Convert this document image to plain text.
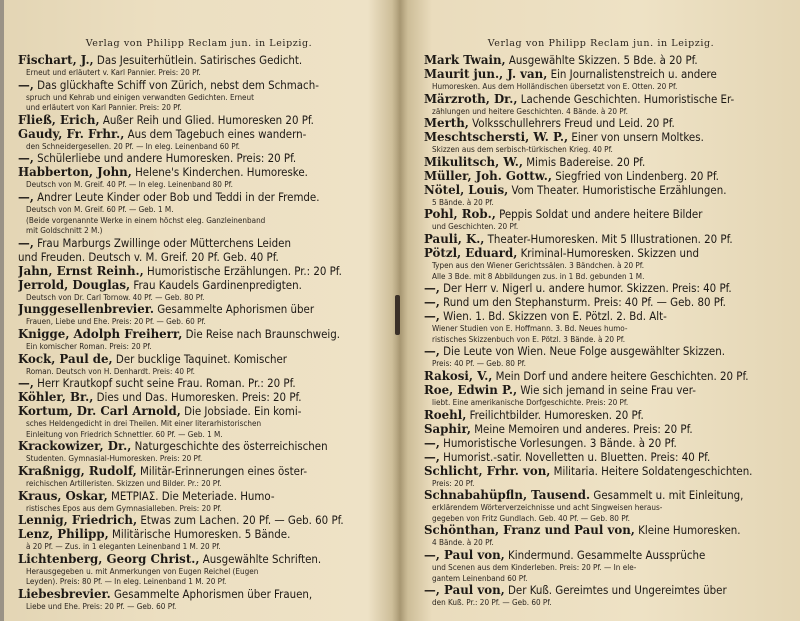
Verlag von Philipp Reclam jun. in Leipzig.
Fischart, J., Das Jesuiterhütlein. Satirisches Gedicht.
Erneut und erläutert v. Karl Pannier. Preis: 20 Pf.
—, Das glückhafte Schiff von Zürich, nebst dem Schmach-
spruch und Kehrab und einigen verwandten Gedichten. Erneut
und erläutert von Karl Pannier. Preis: 20 Pf.
Fließ, Erich, Außer Reih und Glied. Humoresken 20 Pf.
Gaudy, Fr. Frhr., Aus dem Tagebuch eines wandern-
den Schneidergesellen. 20 Pf. — In eleg. Leinenband 60 Pf.
—, Schülerliebe und andere Humoresken. Preis: 20 Pf.
Habberton, John, Helene's Kinderchen. Humoreske.
Deutsch von M. Greif. 40 Pf. — In eleg. Leinenband 80 Pf.
—, Andrer Leute Kinder oder Bob und Teddi in der Fremde.
Deutsch von M. Greif. 60 Pf. — Geb. 1 M.
(Beide vorgenannte Werke in einem höchst eleg. Ganzleinenband
mit Goldschnitt 2 M.)
—, Frau Marburgs Zwillinge oder Mütterchens Leiden
und Freuden. Deutsch v. M. Greif. 20 Pf. Geb. 40 Pf.
Jahn, Ernst Reinh., Humoristische Erzählungen. Pr.: 20 Pf.
Jerrold, Douglas, Frau Kaudels Gardinenpredigten.
Deutsch von Dr. Carl Tornow. 40 Pf. — Geb. 80 Pf.
Junggesellenbrevier. Gesammelte Aphorismen über
Frauen, Liebe und Ehe. Preis: 20 Pf. — Geb. 60 Pf.
Knigge, Adolph Freiherr, Die Reise nach Braunschweig.
Ein komischer Roman. Preis: 20 Pf.
Kock, Paul de, Der bucklige Taquinet. Komischer
Roman. Deutsch von H. Denhardt. Preis: 40 Pf.
—, Herr Krautkopf sucht seine Frau. Roman. Pr.: 20 Pf.
Köhler, Br., Dies und Das. Humoresken. Preis: 20 Pf.
Kortum, Dr. Carl Arnold, Die Jobsiade. Ein komi-
sches Heldengedicht in drei Theilen. Mit einer literarhistorischen
Einleitung von Friedrich Schnettler. 60 Pf. — Geb. 1 M.
Krackowizer, Dr., Naturgeschichte des österreichischen
Studenten. Gymnasial-Humoresken. Preis: 20 Pf.
Kraßnigg, Rudolf, Militär-Erinnerungen eines öster-
reichischen Artilleristen. Skizzen und Bilder. Pr.: 20 Pf.
Kraus, Oskar, ΜΕΤΡΙΑΣ. Die Meteriade. Humo-
ristisches Epos aus dem Gymnasialleben. Preis: 20 Pf.
Lennig, Friedrich, Etwas zum Lachen. 20 Pf. — Geb. 60 Pf.
Lenz, Philipp, Militärische Humoresken. 5 Bände.
à 20 Pf. — Zus. in 1 eleganten Leinenband 1 M. 20 Pf.
Lichtenberg, Georg Christ., Ausgewählte Schriften.
Herausgegeben u. mit Anmerkungen von Eugen Reichel (Eugen
Leyden). Preis: 80 Pf. — In eleg. Leinenband 1 M. 20 Pf.
Liebesbrevier. Gesammelte Aphorismen über Frauen,
Liebe und Ehe. Preis: 20 Pf. — Geb. 60 Pf.
Verlag von Philipp Reclam jun. in Leipzig.
Mark Twain, Ausgewählte Skizzen. 5 Bde. à 20 Pf.
Maurit jun., J. van, Ein Journalistenstreich u. andere
Humoresken. Aus dem Holländischen übersetzt von E. Otten. 20 Pf.
Märzroth, Dr., Lachende Geschichten. Humoristische Er-
zählungen und heitere Geschichten. 4 Bände. à 20 Pf.
Merth, Volksschullehrers Freud und Leid. 20 Pf.
Meschtschersti, W. P., Einer von unsern Moltkes.
Skizzen aus dem serbisch-türkischen Krieg. 40 Pf.
Mikulitsch, W., Mimis Badereise. 20 Pf.
Müller, Joh. Gottw., Siegfried von Lindenberg. 20 Pf.
Nötel, Louis, Vom Theater. Humoristische Erzählungen.
5 Bände. à 20 Pf.
Pohl, Rob., Peppis Soldat und andere heitere Bilder
und Geschichten. 20 Pf.
Pauli, K., Theater-Humoresken. Mit 5 Illustrationen. 20 Pf.
Pötzl, Eduard, Kriminal-Humoresken. Skizzen und
Typen aus den Wiener Gerichtssälen. 3 Bändchen. à 20 Pf.
Alle 3 Bde. mit 8 Abbildungen zus. in 1 Bd. gebunden 1 M.
—, Der Herr v. Nigerl u. andere humor. Skizzen. Preis: 40 Pf.
—, Rund um den Stephansturm. Preis: 40 Pf. — Geb. 80 Pf.
—, Wien. 1. Bd. Skizzen von E. Pötzl. 2. Bd. Alt-
Wiener Studien von E. Hoffmann. 3. Bd. Neues humo-
ristisches Skizzenbuch von E. Pötzl. 3 Bände. à 20 Pf.
—, Die Leute von Wien. Neue Folge ausgewählter Skizzen.
Preis: 40 Pf. — Geb. 80 Pf.
Rakosi, V., Mein Dorf und andere heitere Geschichten. 20 Pf.
Roe, Edwin P., Wie sich jemand in seine Frau ver-
liebt. Eine amerikanische Dorfgeschichte. Preis: 20 Pf.
Roehl, Freilichtbilder. Humoresken. 20 Pf.
Saphir, Meine Memoiren und anderes. Preis: 20 Pf.
—, Humoristische Vorlesungen. 3 Bände. à 20 Pf.
—, Humorist.-satir. Novelletten u. Bluetten. Preis: 40 Pf.
Schlicht, Frhr. von, Militaria. Heitere Soldatengeschichten.
Preis: 20 Pf.
Schnabahüpfln, Tausend. Gesammelt u. mit Einleitung,
erklärendem Wörterverzeichnisse und acht Singweisen heraus-
gegeben von Fritz Gundlach. Geb. 40 Pf. — Geb. 80 Pf.
Schönthan, Franz und Paul von, Kleine Humoresken.
4 Bände. à 20 Pf.
—, Paul von, Kindermund. Gesammelte Aussprüche
und Scenen aus dem Kinderleben. Preis: 20 Pf. — In ele-
gantem Leinenband 60 Pf.
—, Paul von, Der Kuß. Gereimtes und Ungereimtes über
den Kuß. Pr.: 20 Pf. — Geb. 60 Pf.
